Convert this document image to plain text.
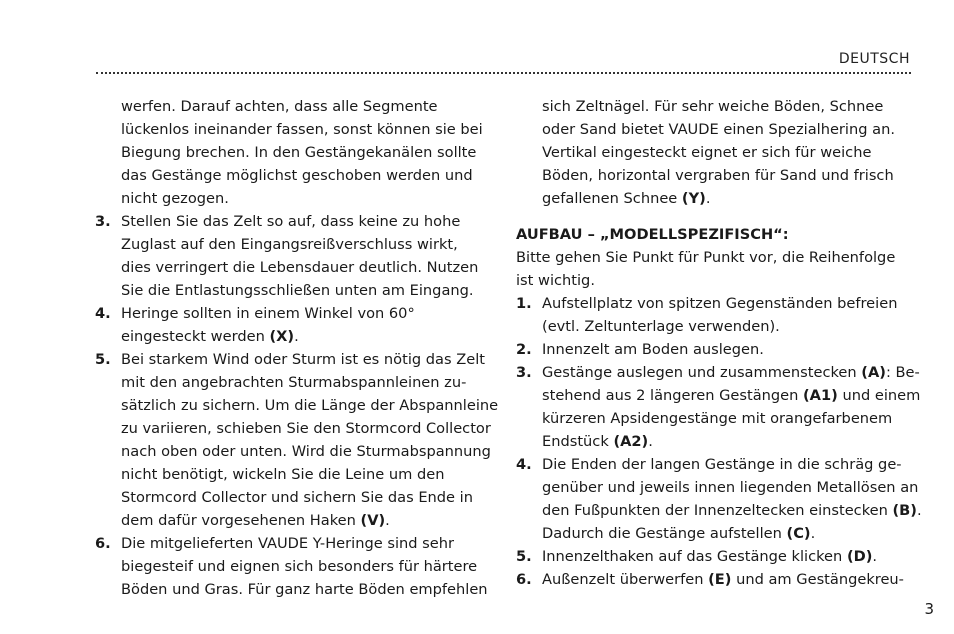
DEUTSCH
werfen. Darauf achten, dass alle Segmente
lückenlos ineinander fassen, sonst können sie bei
Biegung brechen. In den Gestängekanälen sollte
das Gestänge möglichst geschoben werden und
nicht gezogen.
3. Stellen Sie das Zelt so auf, dass keine zu hohe
Zuglast auf den Eingangsreißverschluss wirkt,
dies verringert die Lebensdauer deutlich. Nutzen
Sie die Entlastungsschließen unten am Eingang.
4. Heringe sollten in einem Winkel von 60°
eingesteckt werden (X).
5. Bei starkem Wind oder Sturm ist es nötig das Zelt
mit den angebrachten Sturmabspannleinen zu-
sätzlich zu sichern. Um die Länge der Abspannleine
zu variieren, schieben Sie den Stormcord Collector
nach oben oder unten. Wird die Sturmabspannung
nicht benötigt, wickeln Sie die Leine um den
Stormcord Collector und sichern Sie das Ende in
dem dafür vorgesehenen Haken (V).
6. Die mitgelieferten VAUDE Y-Heringe sind sehr
biegesteif und eignen sich besonders für härtere
Böden und Gras. Für ganz harte Böden empfehlen
sich Zeltnägel. Für sehr weiche Böden, Schnee
oder Sand bietet VAUDE einen Spezialhering an.
Vertikal eingesteckt eignet er sich für weiche
Böden, horizontal vergraben für Sand und frisch
gefallenen Schnee (Y).
AUFBAU – „MODELLSPEZIFISCH“:
Bitte gehen Sie Punkt für Punkt vor, die Reihenfolge
ist wichtig.
1. Aufstellplatz von spitzen Gegenständen befreien
(evtl. Zeltunterlage verwenden).
2. Innenzelt am Boden auslegen.
3. Gestänge auslegen und zusammenstecken (A): Be-
stehend aus 2 längeren Gestängen (A1) und einem
kürzeren Apsidengestänge mit orangefarbenem
Endstück (A2).
4. Die Enden der langen Gestänge in die schräg ge-
genüber und jeweils innen liegenden Metallösen an
den Fußpunkten der Innenzeltecken einstecken (B).
Dadurch die Gestänge aufstellen (C).
5. Innenzelthaken auf das Gestänge klicken (D).
6. Außenzelt überwerfen (E) und am Gestängekreu-
3
